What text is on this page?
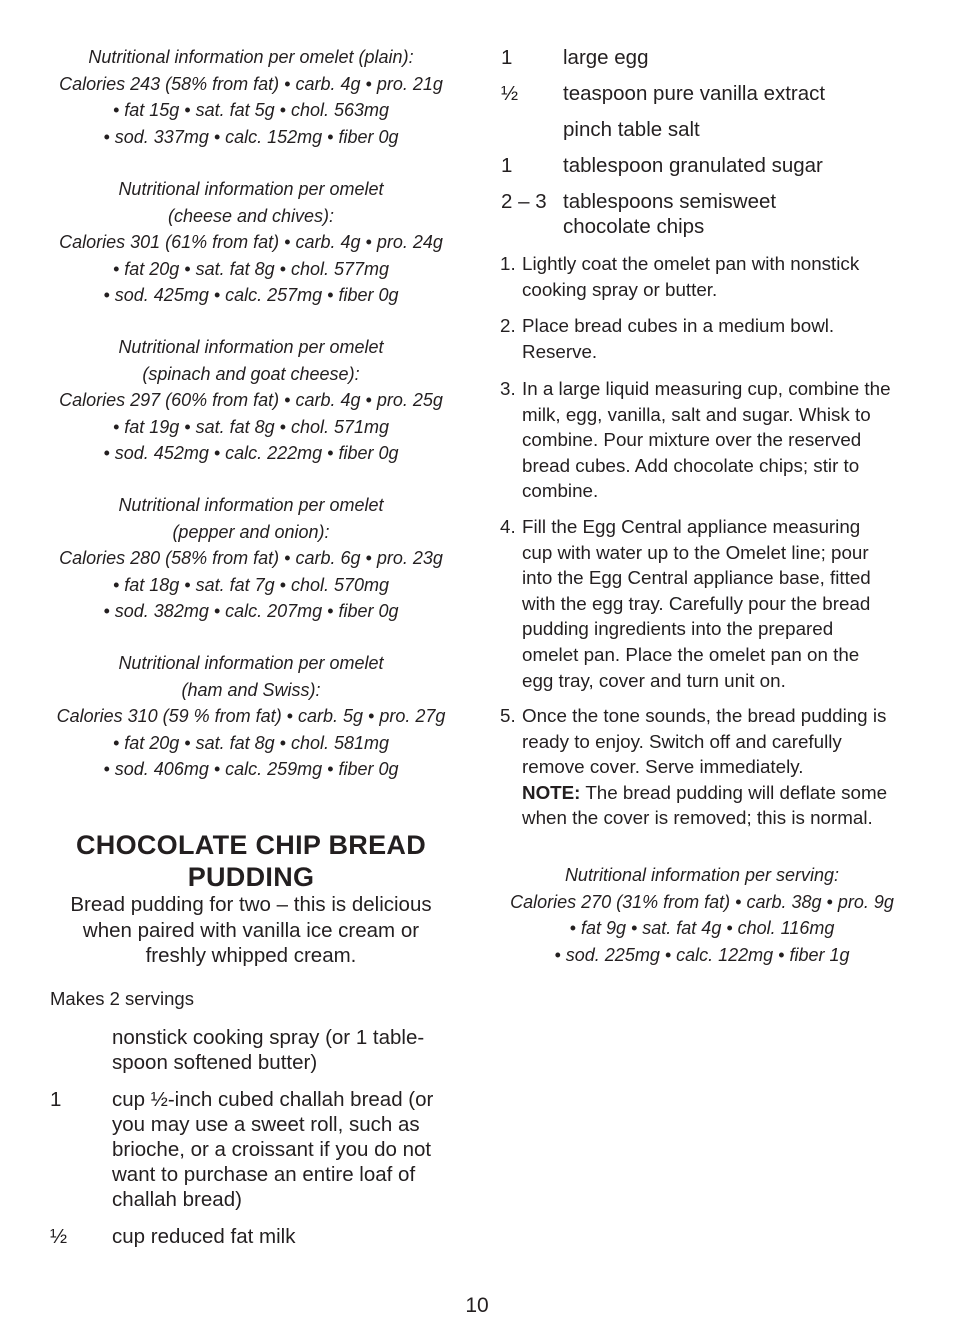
Nutritional information per omelet (plain):
Calories 243 (58% from fat) • carb. 4g • pro. 21g
• fat 15g • sat. fat 5g • chol. 563mg
• sod. 337mg • calc. 152mg • fiber 0g
Nutritional information per omelet
(cheese and chives):
Calories 301 (61% from fat) • carb. 4g • pro. 24g
• fat 20g • sat. fat 8g • chol. 577mg
• sod. 425mg • calc. 257mg • fiber 0g
Nutritional information per omelet
(spinach and goat cheese):
Calories 297 (60% from fat) • carb. 4g • pro. 25g
• fat 19g • sat. fat 8g • chol. 571mg
• sod. 452mg • calc. 222mg • fiber 0g
Nutritional information per omelet
(pepper and onion):
Calories 280 (58% from fat) • carb. 6g • pro. 23g
• fat 18g • sat. fat 7g • chol. 570mg
• sod. 382mg • calc. 207mg • fiber 0g
Nutritional information per omelet
(ham and Swiss):
Calories 310 (59 % from fat) • carb. 5g • pro. 27g
• fat 20g • sat. fat 8g • chol. 581mg
• sod. 406mg • calc. 259mg • fiber 0g
CHOCOLATE CHIP BREAD
PUDDING
Bread pudding for two – this is delicious
when paired with vanilla ice cream or
freshly whipped cream.
Makes 2 servings
nonstick cooking spray (or 1 table-
spoon softened butter)
1 cup ½-inch cubed challah bread (or
you may use a sweet roll, such as
brioche, or a croissant if you do not
want to purchase an entire loaf of
challah bread)
½ cup reduced fat milk
1 large egg
½ teaspoon pure vanilla extract
pinch table salt
1 tablespoon granulated sugar
2 – 3 tablespoons semisweet
chocolate chips
1. Lightly coat the omelet pan with nonstick
cooking spray or butter.
2. Place bread cubes in a medium bowl.
Reserve.
3. In a large liquid measuring cup, combine the
milk, egg, vanilla, salt and sugar. Whisk to
combine. Pour mixture over the reserved
bread cubes. Add chocolate chips; stir to
combine.
4. Fill the Egg Central appliance measuring
cup with water up to the Omelet line; pour
into the Egg Central appliance base, fitted
with the egg tray. Carefully pour the bread
pudding ingredients into the prepared
omelet pan. Place the omelet pan on the
egg tray, cover and turn unit on.
5. Once the tone sounds, the bread pudding is
ready to enjoy. Switch off and carefully
remove cover. Serve immediately.
NOTE: The bread pudding will deflate some
when the cover is removed; this is normal.
Nutritional information per serving:
Calories 270 (31% from fat) • carb. 38g • pro. 9g
• fat 9g • sat. fat 4g • chol. 116mg
• sod. 225mg • calc. 122mg • fiber 1g
10
